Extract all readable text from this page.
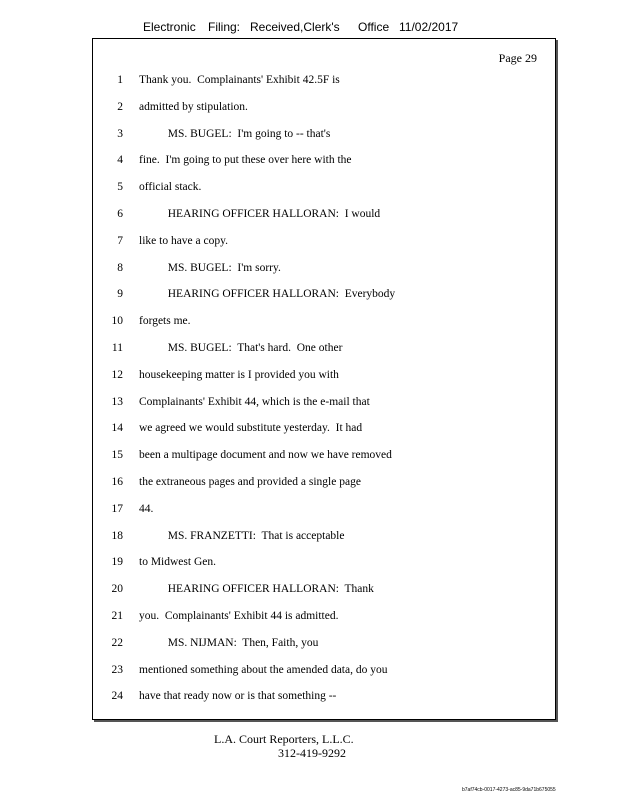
Electronic Filing: Received,Clerk's Office 11/02/2017
Page 29
1 Thank you.  Complainants' Exhibit 42.5F is
2 admitted by stipulation.
3 MS. BUGEL:  I'm going to -- that's
4 fine.  I'm going to put these over here with the
5 official stack.
6 HEARING OFFICER HALLORAN:  I would
7 like to have a copy.
8 MS. BUGEL:  I'm sorry.
9 HEARING OFFICER HALLORAN:  Everybody
10 forgets me.
11 MS. BUGEL:  That's hard.  One other
12 housekeeping matter is I provided you with
13 Complainants' Exhibit 44, which is the e-mail that
14 we agreed we would substitute yesterday.  It had
15 been a multipage document and now we have removed
16 the extraneous pages and provided a single page
17 44.
18 MS. FRANZETTI:  That is acceptable
19 to Midwest Gen.
20 HEARING OFFICER HALLORAN:  Thank
21 you.  Complainants' Exhibit 44 is admitted.
22 MS. NIJMAN:  Then, Faith, you
23 mentioned something about the amended data, do you
24 have that ready now or is that something --
L.A. Court Reporters, L.L.C.
312-419-9292
b7af74cb-0017-4273-ac85-9da71b675055
